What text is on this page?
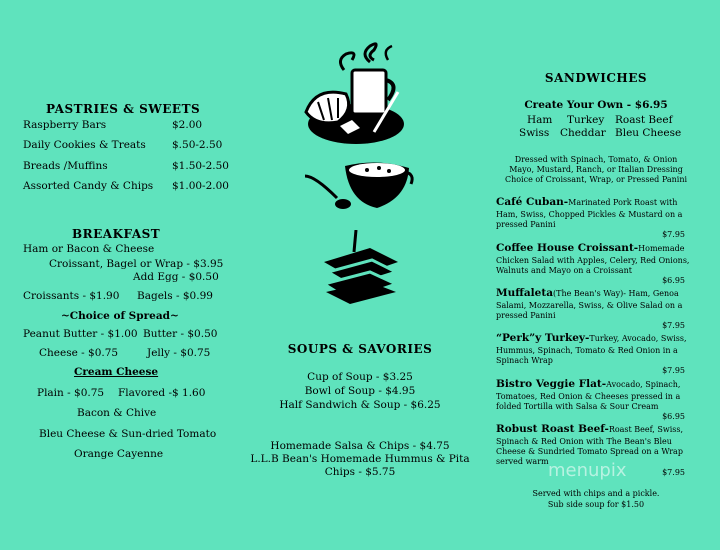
PASTRIES & SWEETS
Raspberry Bars	$2.00
Daily Cookies & Treats $.50-2.50
Breads /Muffins	$1.50-2.50
Assorted Candy & Chips $1.00-2.00
BREAKFAST
Ham or Bacon & Cheese
Croissant, Bagel or Wrap - $3.95
Add Egg - $0.50
Croissants - $1.90 Bagels - $0.99
~Choice of Spread~
Peanut Butter - $1.00 Butter - $0.50
Cheese - $0.75	Jelly - $0.75
Cream Cheese
Plain - $0.75 Flavored -$ 1.60
Bacon & Chive
Bleu Cheese & Sun-dried Tomato
Orange Cayenne
SOUPS & SAVORIES
Cup of Soup - $3.25
Bowl of Soup - $4.95
Half Sandwich & Soup - $6.25
Homemade Salsa & Chips - $4.75
L.L.B Bean's Homemade Hummus & Pita
Chips - $5.75
SANDWICHES
Create Your Own - $6.95
Ham Turkey Roast Beef
Swiss Cheddar Bleu Cheese
Dressed with Spinach, Tomato, & Onion
Mayo, Mustard, Ranch, or Italian Dressing
Choice of Croissant, Wrap, or Pressed Panini
Café Cuban-Marinated Pork Roast with Ham, Swiss, Chopped Pickles & Mustard on a pressed Panini
$7.95
Coffee House Croissant-Homemade Chicken Salad with Apples, Celery, Red Onions, Walnuts and Mayo on a Croissant
$6.95
Muffaleta(The Bean's Way)- Ham, Genoa Salami, Mozzarella, Swiss, & Olive Salad on a pressed Panini
$7.95
“Perk”y Turkey-Turkey, Avocado, Swiss, Hummus, Spinach, Tomato & Red Onion in a Spinach Wrap
$7.95
Bistro Veggie Flat-Avocado, Spinach, Tomatoes, Red Onion & Cheeses pressed in a folded Tortilla with Salsa & Sour Cream
$6.95
Robust Roast Beef-Roast Beef, Swiss, Spinach & Red Onion with The Bean's Bleu Cheese & Sundried Tomato Spread on a Wrap served warm
$7.95
menupix
Served with chips and a pickle.
Sub side soup for $1.50
